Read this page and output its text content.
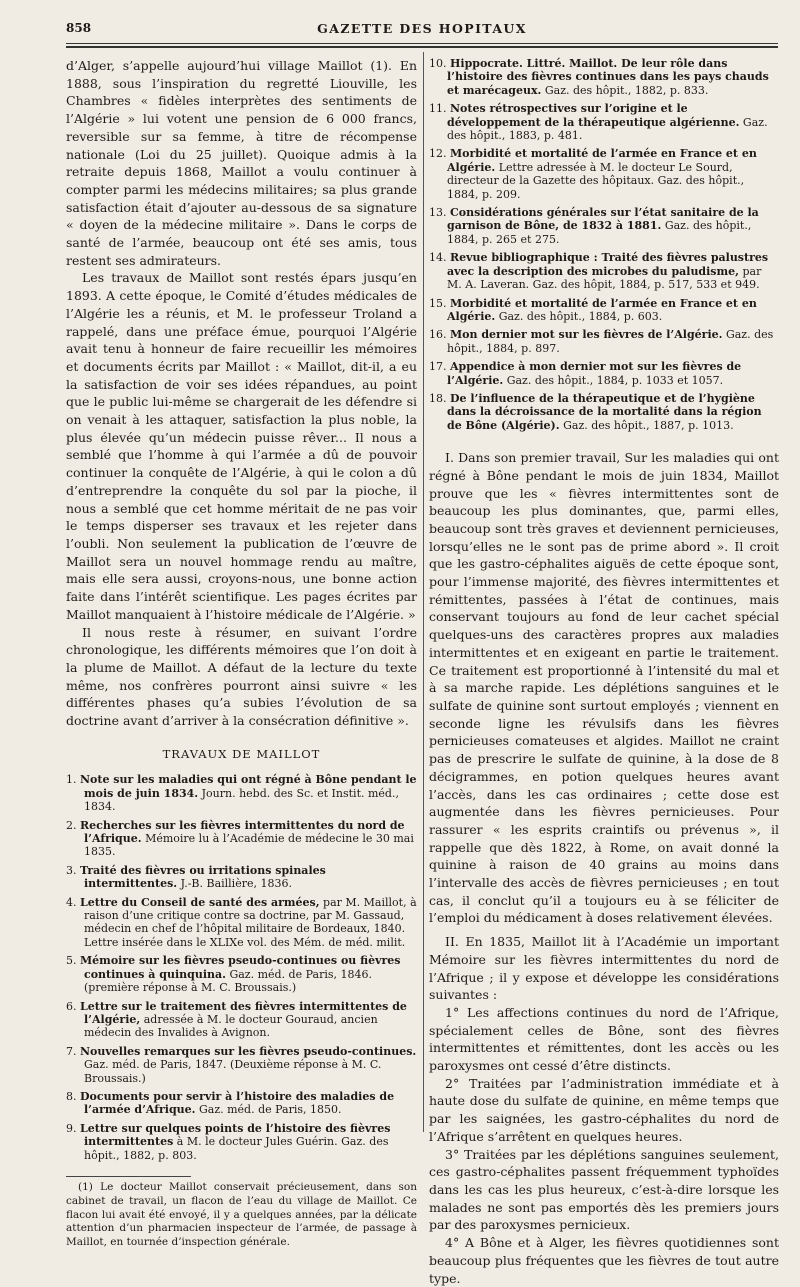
858	GAZETTE DES HOPITAUX

d’Alger, s’appelle aujourd’hui village Maillot (1). En 1888, sous l’inspiration du regretté Liouville, les Chambres « fidèles interprètes des sentiments de l’Algérie » lui votent une pension de 6 000 francs, reversible sur sa femme, à titre de récompense nationale (Loi du 25 juillet). Quoique admis à la retraite depuis 1868, Maillot a voulu continuer à compter parmi les médecins militaires; sa plus grande satisfaction était d’ajouter au-dessous de sa signature « doyen de la médecine militaire ». Dans le corps de santé de l’armée, beaucoup ont été ses amis, tous restent ses admirateurs.

Les travaux de Maillot sont restés épars jusqu’en 1893. A cette époque, le Comité d’études médicales de l’Algérie les a réunis, et M. le professeur Troland a rappelé, dans une préface émue, pourquoi l’Algérie avait tenu à honneur de faire recueillir les mémoires et documents écrits par Maillot : « Maillot, dit-il, a eu la satisfaction de voir ses idées répandues, au point que le public lui-même se chargerait de les défendre si on venait à les attaquer, satisfaction la plus noble, la plus élevée qu’un médecin puisse rêver... Il nous a semblé que l’homme à qui l’armée a dû de pouvoir continuer la conquête de l’Algérie, à qui le colon a dû d’entreprendre la conquête du sol par la pioche, il nous a semblé que cet homme méritait de ne pas voir le temps disperser ses travaux et les rejeter dans l’oubli. Non seulement la publication de l’œuvre de Maillot sera un nouvel hommage rendu au maître, mais elle sera aussi, croyons-nous, une bonne action faite dans l’intérêt scientifique. Les pages écrites par Maillot manquaient à l’histoire médicale de l’Algérie. »

Il nous reste à résumer, en suivant l’ordre chronologique, les différents mémoires que l’on doit à la plume de Maillot. A défaut de la lecture du texte même, nos confrères pourront ainsi suivre « les différentes phases qu’a subies l’évolution de sa doctrine avant d’arriver à la consécration définitive ».

TRAVAUX DE MAILLOT
1. Note sur les maladies qui ont régné à Bône pendant le mois de juin 1834. Journ. hebd. des Sc. et Instit. méd., 1834.
2. Recherches sur les fièvres intermittentes du nord de l’Afrique. Mémoire lu à l’Académie de médecine le 30 mai 1835.
3. Traité des fièvres ou irritations spinales intermittentes. J.-B. Baillière, 1836.
4. Lettre du Conseil de santé des armées, par M. Maillot, à raison d’une critique contre sa doctrine, par M. Gassaud, médecin en chef de l’hôpital militaire de Bordeaux, 1840. Lettre insérée dans le XLIXe vol. des Mém. de méd. milit.
5. Mémoire sur les fièvres pseudo-continues ou fièvres continues à quinquina. Gaz. méd. de Paris, 1846. (première réponse à M. C. Broussais.)
6. Lettre sur le traitement des fièvres intermittentes de l’Algérie, adressée à M. le docteur Gouraud, ancien médecin des Invalides à Avignon.
7. Nouvelles remarques sur les fièvres pseudo-continues. Gaz. méd. de Paris, 1847. (Deuxième réponse à M. C. Broussais.)
8. Documents pour servir à l’histoire des maladies de l’armée d’Afrique. Gaz. méd. de Paris, 1850.
9. Lettre sur quelques points de l’histoire des fièvres intermittentes à M. le docteur Jules Guérin. Gaz. des hôpit., 1882, p. 803.

(1) Le docteur Maillot conservait précieusement, dans son cabinet de travail, un flacon de l’eau du village de Maillot. Ce flacon lui avait été envoyé, il y a quelques années, par la délicate attention d’un pharmacien inspecteur de l’armée, de passage à Maillot, en tournée d’inspection générale.

10. Hippocrate. Littré. Maillot. De leur rôle dans l’histoire des fièvres continues dans les pays chauds et marécageux. Gaz. des hôpit., 1882, p. 833.
11. Notes rétrospectives sur l’origine et le développement de la thérapeutique algérienne. Gaz. des hôpit., 1883, p. 481.
12. Morbidité et mortalité de l’armée en France et en Algérie. Lettre adressée à M. le docteur Le Sourd, directeur de la Gazette des hôpitaux. Gaz. des hôpit., 1884, p. 209.
13. Considérations générales sur l’état sanitaire de la garnison de Bône, de 1832 à 1881. Gaz. des hôpit., 1884, p. 265 et 275.
14. Revue bibliographique : Traité des fièvres palustres avec la description des microbes du paludisme, par M. A. Laveran. Gaz. des hôpit, 1884, p. 517, 533 et 949.
15. Morbidité et mortalité de l’armée en France et en Algérie. Gaz. des hôpit., 1884, p. 603.
16. Mon dernier mot sur les fièvres de l’Algérie. Gaz. des hôpit., 1884, p. 897.
17. Appendice à mon dernier mot sur les fièvres de l’Algérie. Gaz. des hôpit., 1884, p. 1033 et 1057.
18. De l’influence de la thérapeutique et de l’hygiène dans la décroissance de la mortalité dans la région de Bône (Algérie). Gaz. des hôpit., 1887, p. 1013.

I. Dans son premier travail, Sur les maladies qui ont régné à Bône pendant le mois de juin 1834, Maillot prouve que les « fièvres intermittentes sont de beaucoup les plus dominantes, que, parmi elles, beaucoup sont très graves et deviennent pernicieuses, lorsqu’elles ne le sont pas de prime abord ». Il croit que les gastro-céphalites aiguës de cette époque sont, pour l’immense majorité, des fièvres intermittentes et rémittentes, passées à l’état de continues, mais conservant toujours au fond de leur cachet spécial quelques-uns des caractères propres aux maladies intermittentes et en exigeant en partie le traitement. Ce traitement est proportionné à l’intensité du mal et à sa marche rapide. Les déplétions sanguines et le sulfate de quinine sont surtout employés ; viennent en seconde ligne les révulsifs dans les fièvres pernicieuses comateuses et algides. Maillot ne craint pas de prescrire le sulfate de quinine, à la dose de 8 décigrammes, en potion quelques heures avant l’accès, dans les cas ordinaires ; cette dose est augmentée dans les fièvres pernicieuses. Pour rassurer « les esprits craintifs ou prévenus », il rappelle que dès 1822, à Rome, on avait donné la quinine à raison de 40 grains au moins dans l’intervalle des accès de fièvres pernicieuses ; en tout cas, il conclut qu’il a toujours eu à se féliciter de l’emploi du médicament à doses relativement élevées.

II. En 1835, Maillot lit à l’Académie un important Mémoire sur les fièvres intermittentes du nord de l’Afrique ; il y expose et développe les considérations suivantes :

1° Les affections continues du nord de l’Afrique, spécialement celles de Bône, sont des fièvres intermittentes et rémittentes, dont les accès ou les paroxysmes ont cessé d’être distincts.

2° Traitées par l’administration immédiate et à haute dose du sulfate de quinine, en même temps que par les saignées, les gastro-céphalites du nord de l’Afrique s’arrêtent en quelques heures.

3° Traitées par les déplétions sanguines seulement, ces gastro-céphalites passent fréquemment typhoïdes dans les cas les plus heureux, c’est-à-dire lorsque les malades ne sont pas emportés dès les premiers jours par des paroxysmes pernicieux.

4° A Bône et à Alger, les fièvres quotidiennes sont beaucoup plus fréquentes que les fièvres de tout autre type.
